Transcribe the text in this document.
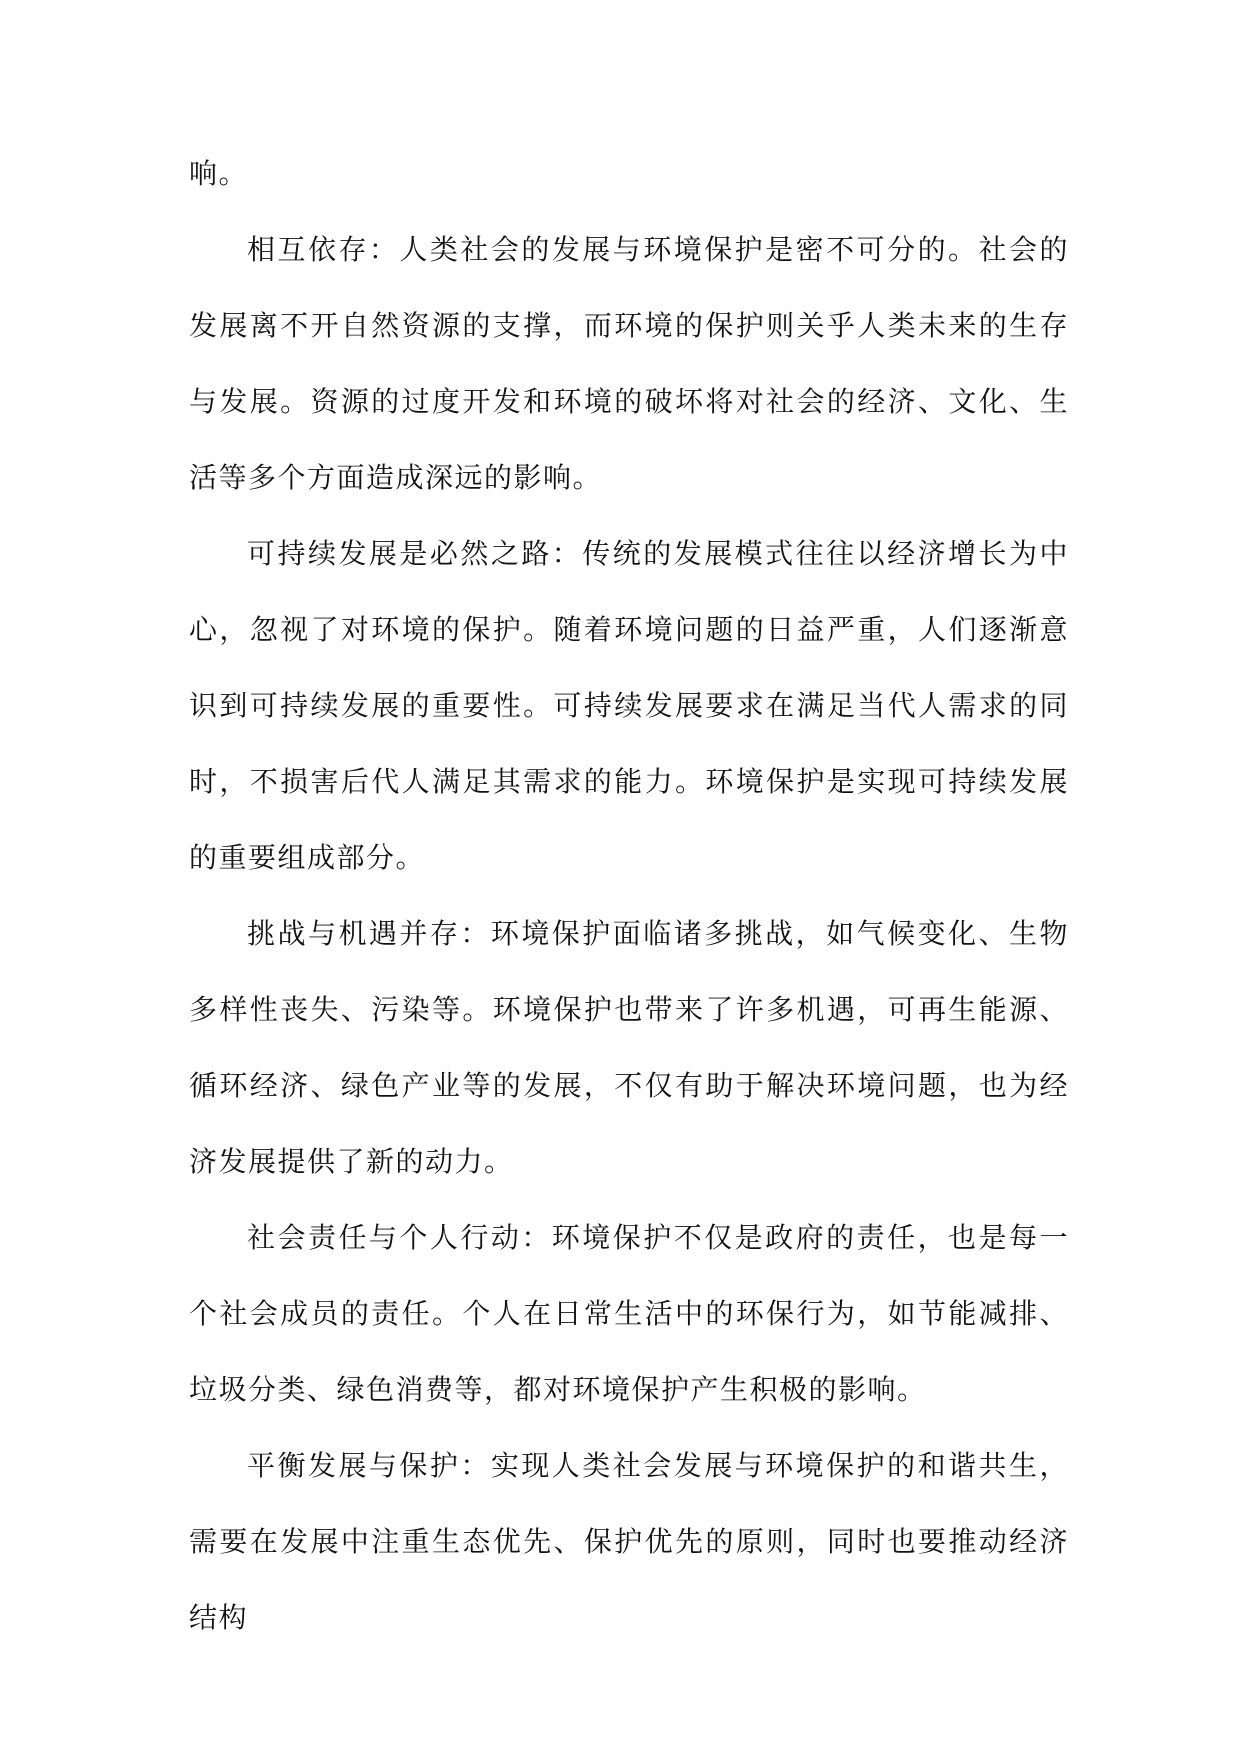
响。

相互依存：人类社会的发展与环境保护是密不可分的。社会的发展离不开自然资源的支撑，而环境的保护则关乎人类未来的生存与发展。资源的过度开发和环境的破坏将对社会的经济、文化、生活等多个方面造成深远的影响。

可持续发展是必然之路：传统的发展模式往往以经济增长为中心，忽视了对环境的保护。随着环境问题的日益严重，人们逐渐意识到可持续发展的重要性。可持续发展要求在满足当代人需求的同时，不损害后代人满足其需求的能力。环境保护是实现可持续发展的重要组成部分。

挑战与机遇并存：环境保护面临诸多挑战，如气候变化、生物多样性丧失、污染等。环境保护也带来了许多机遇，可再生能源、循环经济、绿色产业等的发展，不仅有助于解决环境问题，也为经济发展提供了新的动力。

社会责任与个人行动：环境保护不仅是政府的责任，也是每一个社会成员的责任。个人在日常生活中的环保行为，如节能减排、垃圾分类、绿色消费等，都对环境保护产生积极的影响。

平衡发展与保护：实现人类社会发展与环境保护的和谐共生，需要在发展中注重生态优先、保护优先的原则，同时也要推动经济结构
